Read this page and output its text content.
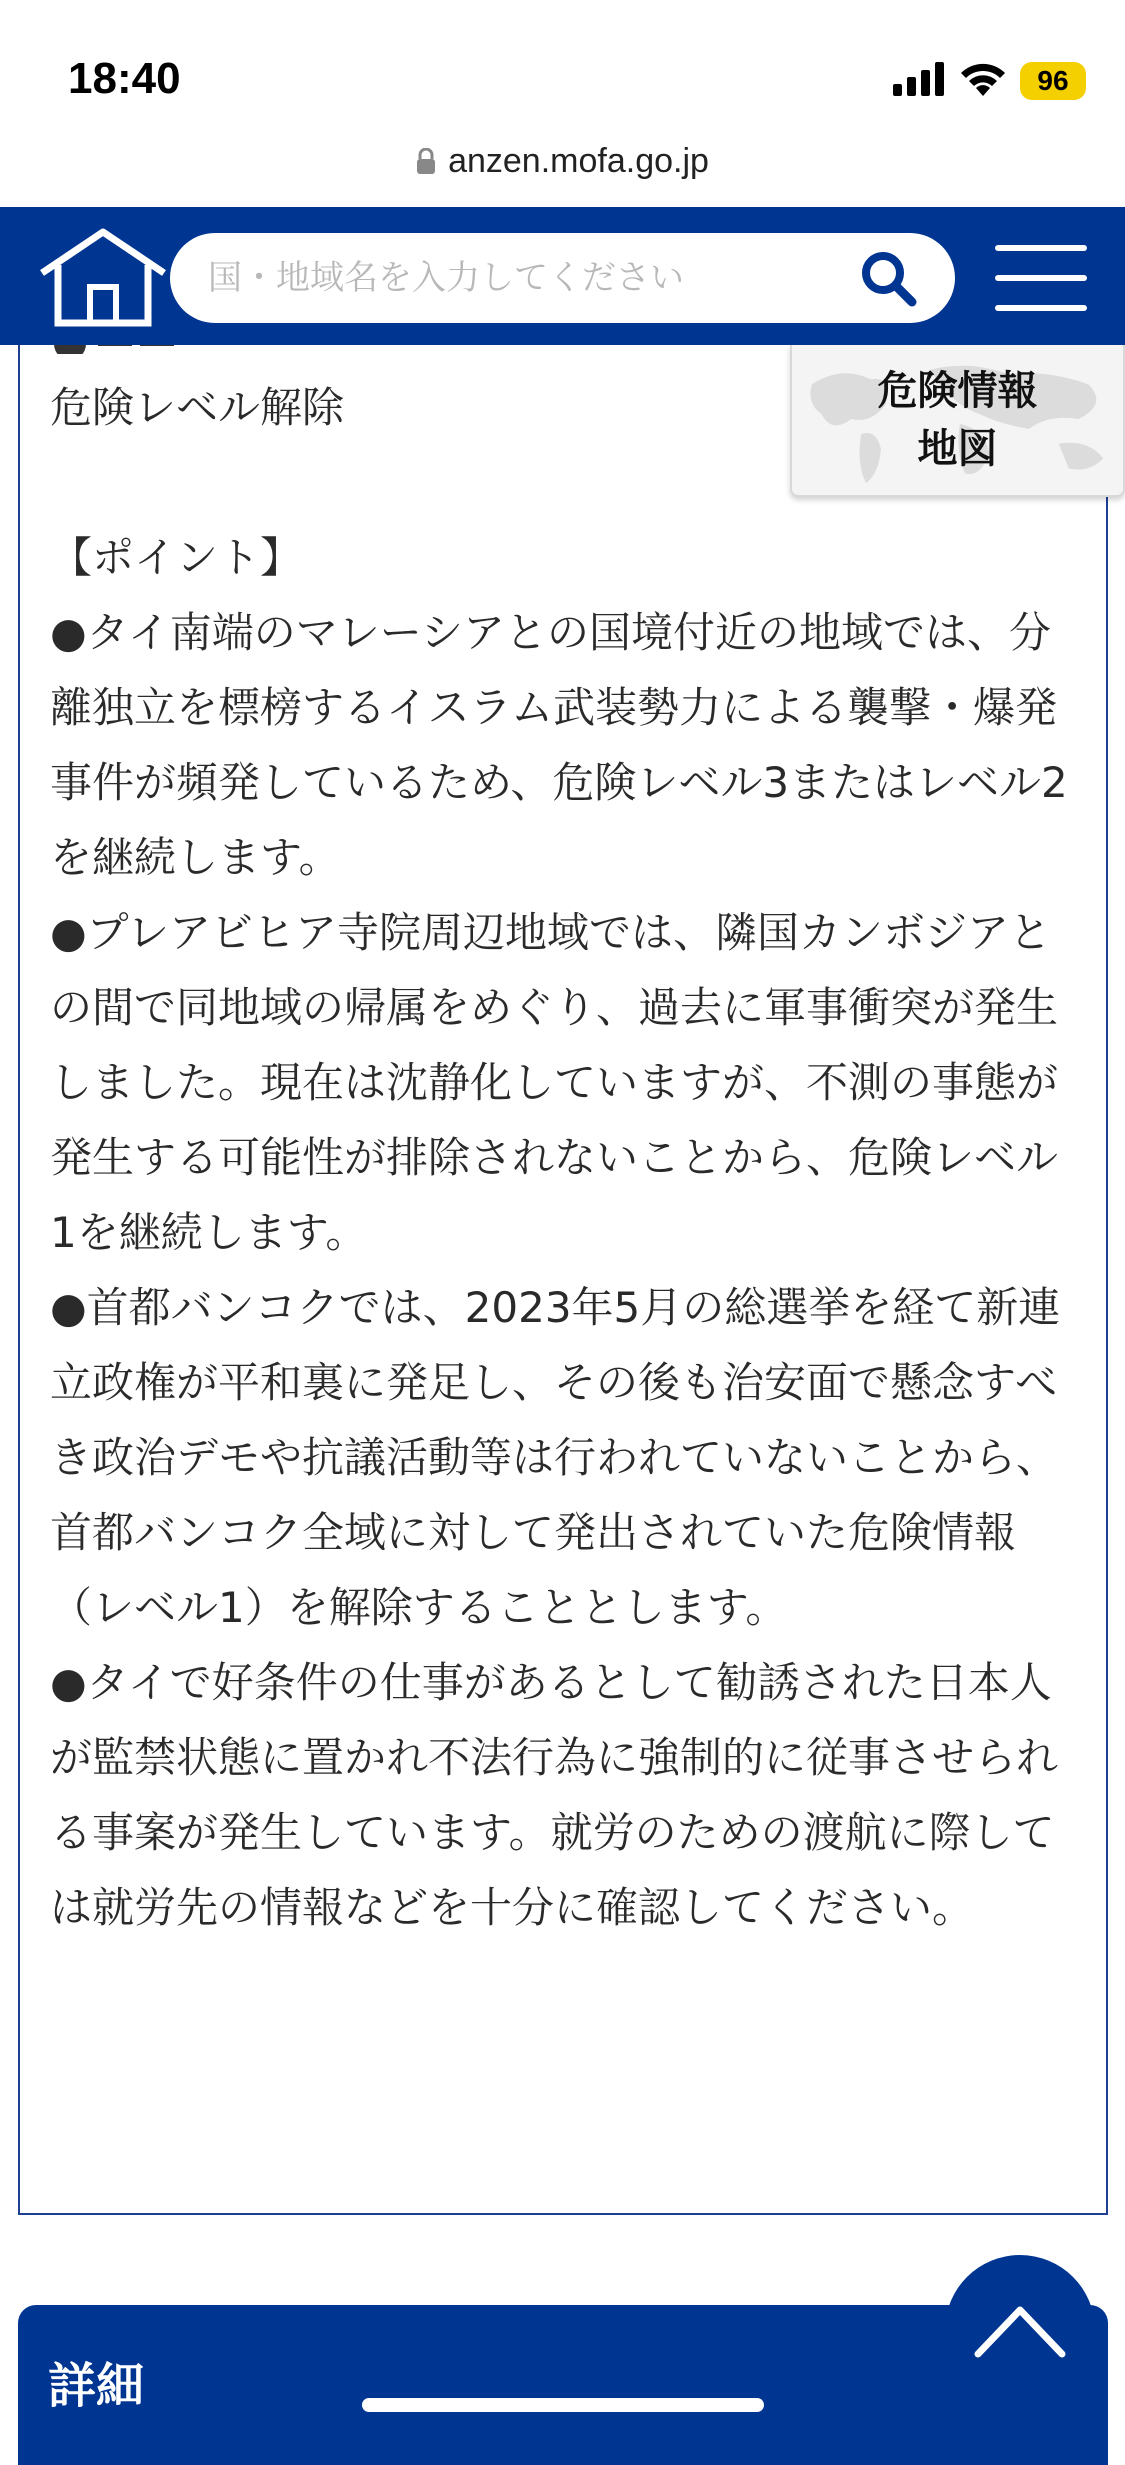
18:40	96
anzen.mofa.go.jp
危険レベル解除
【ポイント】
●タイ南端のマレーシアとの国境付近の地域では、分離独立を標榜するイスラム武装勢力による襲撃・爆発事件が頻発しているため、危険レベル3またはレベル2を継続します。
●プレアビヒア寺院周辺地域では、隣国カンボジアとの間で同地域の帰属をめぐり、過去に軍事衝突が発生しました。現在は沈静化していますが、不測の事態が発生する可能性が排除されないことから、危険レベル1を継続します。
●首都バンコクでは、2023年5月の総選挙を経て新連立政権が平和裏に発足し、その後も治安面で懸念すべき政治デモや抗議活動等は行われていないことから、首都バンコク全域に対して発出されていた危険情報（レベル1）を解除することとします。
●タイで好条件の仕事があるとして勧誘された日本人が監禁状態に置かれ不法行為に強制的に従事させられる事案が発生しています。就労のための渡航に際しては就労先の情報などを十分に確認してください。
危険情報
地図
国・地域名を入力してください
詳細
